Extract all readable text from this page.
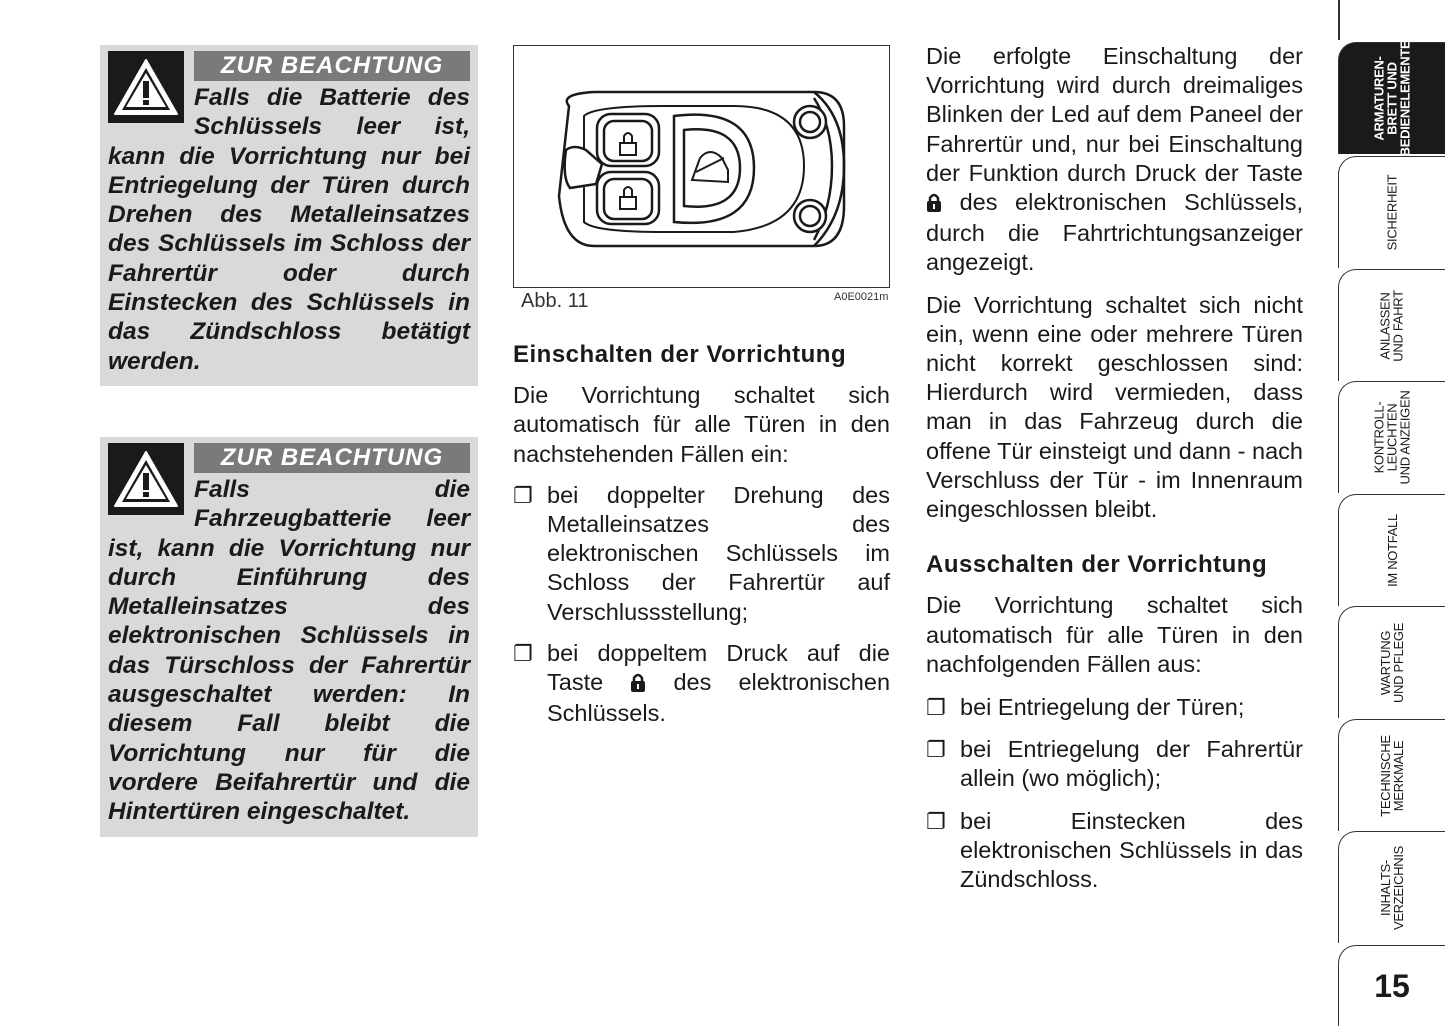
ZUR BEACHTUNG

Falls die Batterie des Schlüssels leer ist, kann die Vorrichtung nur bei Entriegelung der Türen durch Drehen des Metalleinsatzes des Schlüssels im Schloss der Fahrertür oder durch Einstecken des Schlüssels in das Zündschloss betätigt werden.

ZUR BEACHTUNG

Falls die Fahrzeugbatterie leer ist, kann die Vorrichtung nur durch Einführung des Metalleinsatzes des elektronischen Schlüssels in das Türschloss der Fahrertür ausgeschaltet werden: In diesem Fall bleibt die Vorrichtung nur für die vordere Beifahrertür und die Hintertüren eingeschaltet.

Abb. 11	A0E0021m
Einschalten der Vorrichtung

Die Vorrichtung schaltet sich automatisch für alle Türen in den nachstehenden Fällen ein:

❐ bei doppelter Drehung des Metalleinsatzes des elektronischen Schlüssels im Schloss der Fahrertür auf Verschlussstellung;
❐ bei doppeltem Druck auf die Taste	des elektronischen Schlüssels.

Die erfolgte Einschaltung der Vorrichtung wird durch dreimaliges Blinken der Led auf dem Paneel der Fahrertür und, nur bei Einschaltung der Funktion durch Druck der Taste  des elektronischen Schlüssels, durch die Fahrtrichtungsanzeiger angezeigt.

Die Vorrichtung schaltet sich nicht ein, wenn eine oder mehrere Türen nicht korrekt geschlossen sind: Hierdurch wird vermieden, dass man in das Fahrzeug durch die offene Tür einsteigt und dann - nach Verschluss der Tür - im Innenraum eingeschlossen bleibt.

Ausschalten der Vorrichtung

Die Vorrichtung schaltet sich automatisch für alle Türen in den nachfolgenden Fällen aus:

❐ bei Entriegelung der Türen;
❐ bei Entriegelung der Fahrertür allein (wo möglich);
❐ bei Einstecken des elektronischen Schlüssels in das Zündschloss.
ARMATUREN-
BRETT UND
BEDIENELEMENTE
SICHERHEIT
ANLASSEN
UND FAHRT
KONTROLL-
LEUCHTEN
UND ANZEIGEN
IM NOTFALL
WARTUNG
UND PFLEGE
TECHNISCHE
MERKMALE
INHALTS-
VERZEICHNIS
15
